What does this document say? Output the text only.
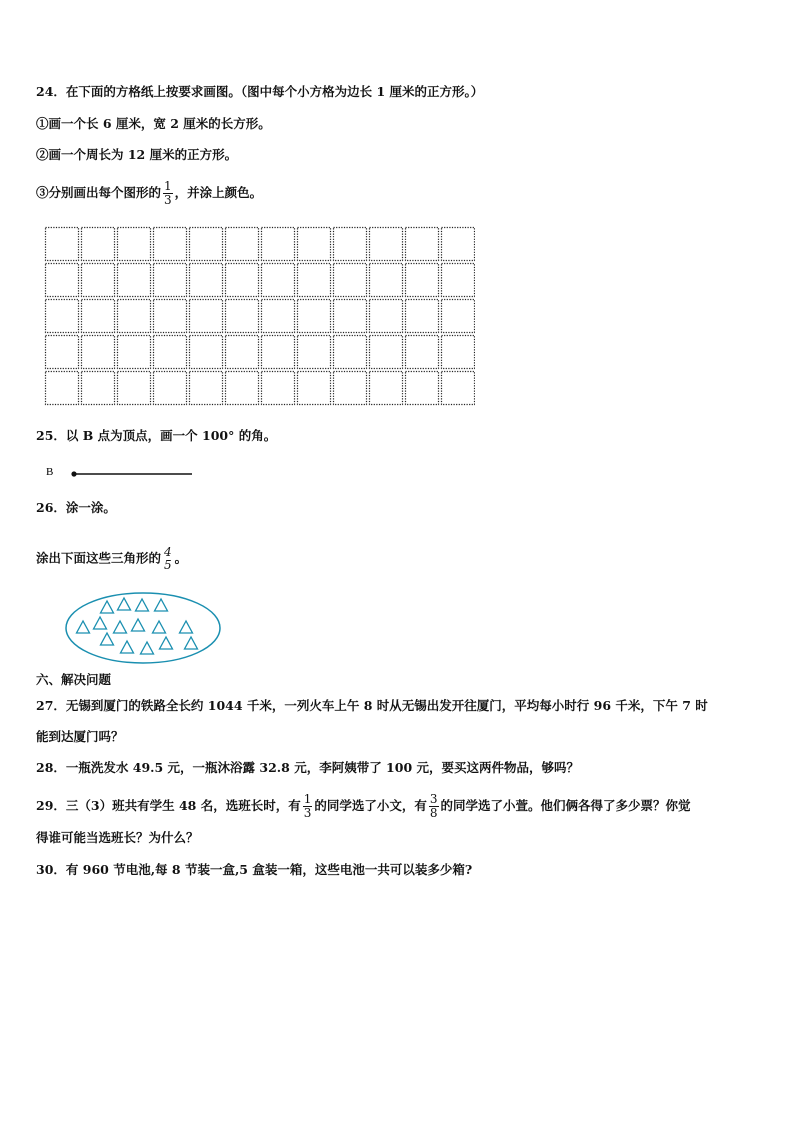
24．在下面的方格纸上按要求画图。（图中每个小方格为边长 1 厘米的正方形。）
①画一个长 6 厘米，宽 2 厘米的长方形。
②画一个周长为 12 厘米的正方形。
③分别画出每个图形的 $\frac{1}{3}$ ，并涂上颜色。
25．以 B 点为顶点，画一个 100° 的角。
B
26．涂一涂。
涂出下面这些三角形的 4
5 。
六、解决问题
27．无锡到厦门的铁路全长约 1044 千米，一列火车上午 8 时从无锡出发开往厦门，平均每小时行 96 千米，下午 7 时
能到达厦门吗？
28．一瓶洗发水 49.5 元，一瓶沐浴露 32.8 元，李阿姨带了 100 元，要买这两件物品，够吗？
29．三（3）班共有学生 48 名，选班长时，有 $\frac{1}{3}$ 的同学选了小文，有 $\frac{3}{8}$ 的同学选了小萱。他们俩各得了多少票？你觉
得谁可能当选班长？为什么？
30．有 960 节电池,每 8 节装一盒,5 盒装一箱，这些电池一共可以装多少箱?
